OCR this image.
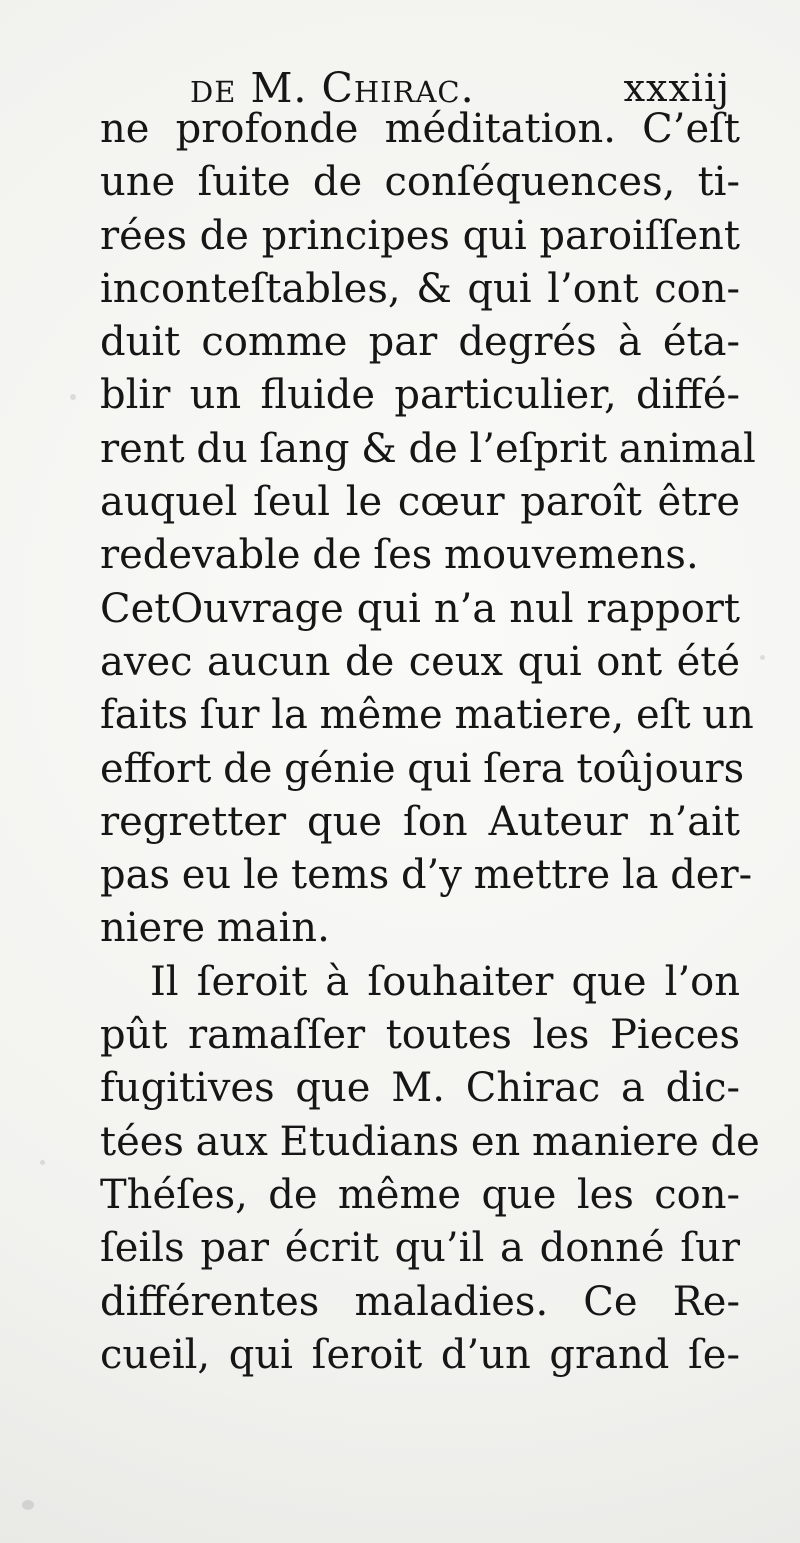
de M. Chirac.	xxxiij
ne profonde méditation. C’eſt
une ſuite de conſéquences, ti-
rées de principes qui paroiſſent
inconteſtables, & qui l’ont con-
duit comme par degrés à éta-
blir un fluide particulier, diffé-
rent du ſang & de l’eſprit animal
auquel ſeul le cœur paroît être
redevable de ſes mouvemens.
CetOuvrage qui n’a nul rapport
avec aucun de ceux qui ont été
faits ſur la même matiere, eſt un
effort de génie qui ſera toûjours
regretter que ſon Auteur n’ait
pas eu le tems d’y mettre la der-
niere main.
Il ſeroit à ſouhaiter que l’on
pût ramaſſer toutes les Pieces
fugitives que M. Chirac a dic-
tées aux Etudians en maniere de
Théſes, de même que les con-
ſeils par écrit qu’il a donné ſur
différentes maladies. Ce Re-
cueil, qui ſeroit d’un grand ſe-
